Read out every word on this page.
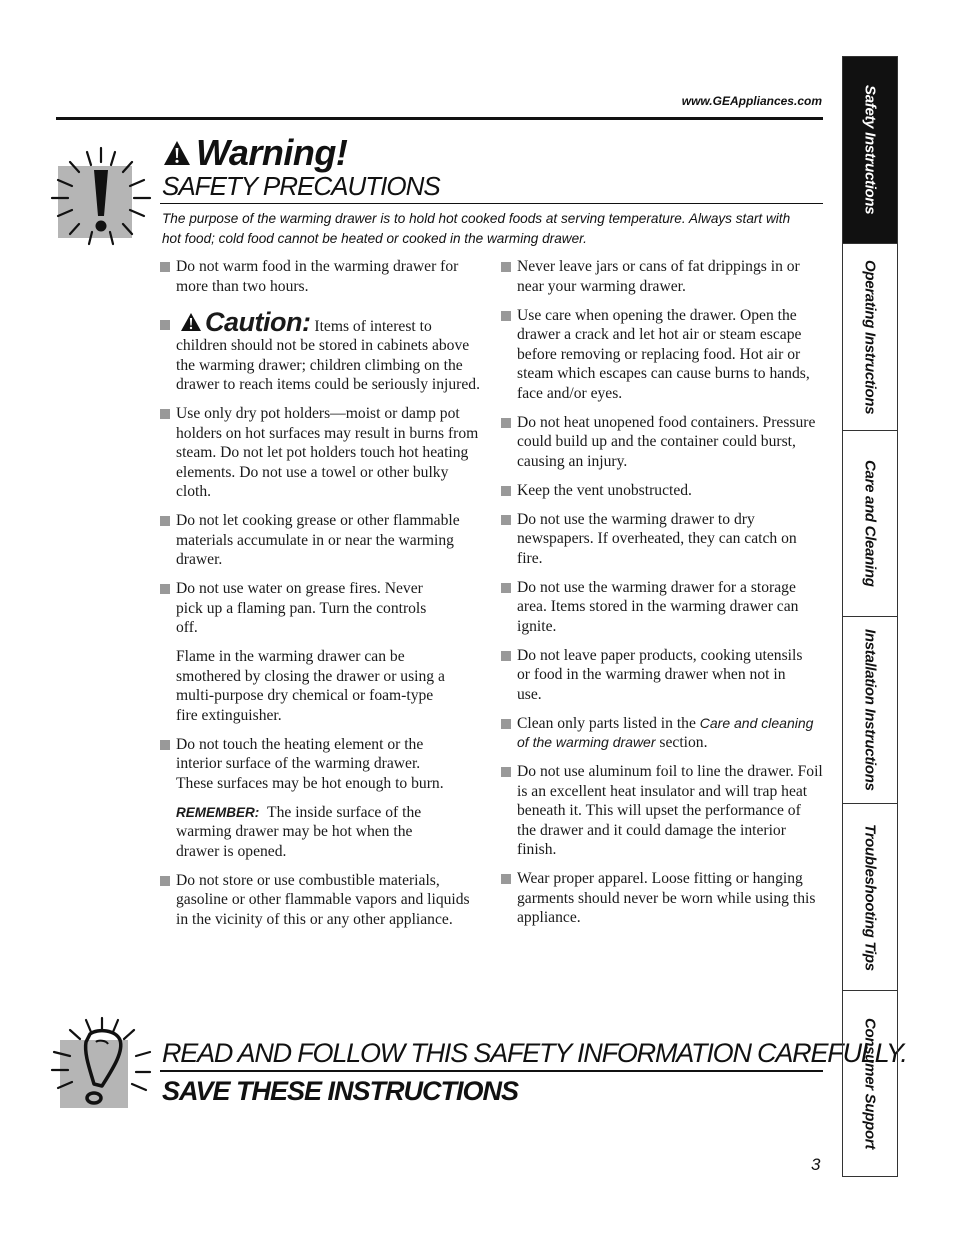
www.GEAppliances.com
Warning!
SAFETY PRECAUTIONS
The purpose of the warming drawer is to hold hot cooked foods at serving temperature. Always start with hot food; cold food cannot be heated or cooked in the warming drawer.
Do not warm food in the warming drawer for more than two hours.
Caution: Items of interest to children should not be stored in cabinets above the warming drawer; children climbing on the drawer to reach items could be seriously injured.
Use only dry pot holders—moist or damp pot holders on hot surfaces may result in burns from steam. Do not let pot holders touch hot heating elements. Do not use a towel or other bulky cloth.
Do not let cooking grease or other flammable materials accumulate in or near the warming drawer.
Do not use water on grease fires. Never pick up a flaming pan. Turn the controls off.
Flame in the warming drawer can be smothered by closing the drawer or using a multi-purpose dry chemical or foam-type fire extinguisher.
Do not touch the heating element or the interior surface of the warming drawer. These surfaces may be hot enough to burn.
REMEMBER: The inside surface of the warming drawer may be hot when the drawer is opened.
Do not store or use combustible materials, gasoline or other flammable vapors and liquids in the vicinity of this or any other appliance.
Never leave jars or cans of fat drippings in or near your warming drawer.
Use care when opening the drawer. Open the drawer a crack and let hot air or steam escape before removing or replacing food. Hot air or steam which escapes can cause burns to hands, face and/or eyes.
Do not heat unopened food containers. Pressure could build up and the container could burst, causing an injury.
Keep the vent unobstructed.
Do not use the warming drawer to dry newspapers. If overheated, they can catch on fire.
Do not use the warming drawer for a storage area. Items stored in the warming drawer can ignite.
Do not leave paper products, cooking utensils or food in the warming drawer when not in use.
Clean only parts listed in the Care and cleaning of the warming drawer section.
Do not use aluminum foil to line the drawer. Foil is an excellent heat insulator and will trap heat beneath it. This will upset the performance of the drawer and it could damage the interior finish.
Wear proper apparel. Loose fitting or hanging garments should never be worn while using this appliance.
READ AND FOLLOW THIS SAFETY INFORMATION CAREFULLY.
SAVE THESE INSTRUCTIONS
3
Safety Instructions
Operating Instructions
Care and Cleaning
Installation Instructions
Troubleshooting Tips
Consumer Support
